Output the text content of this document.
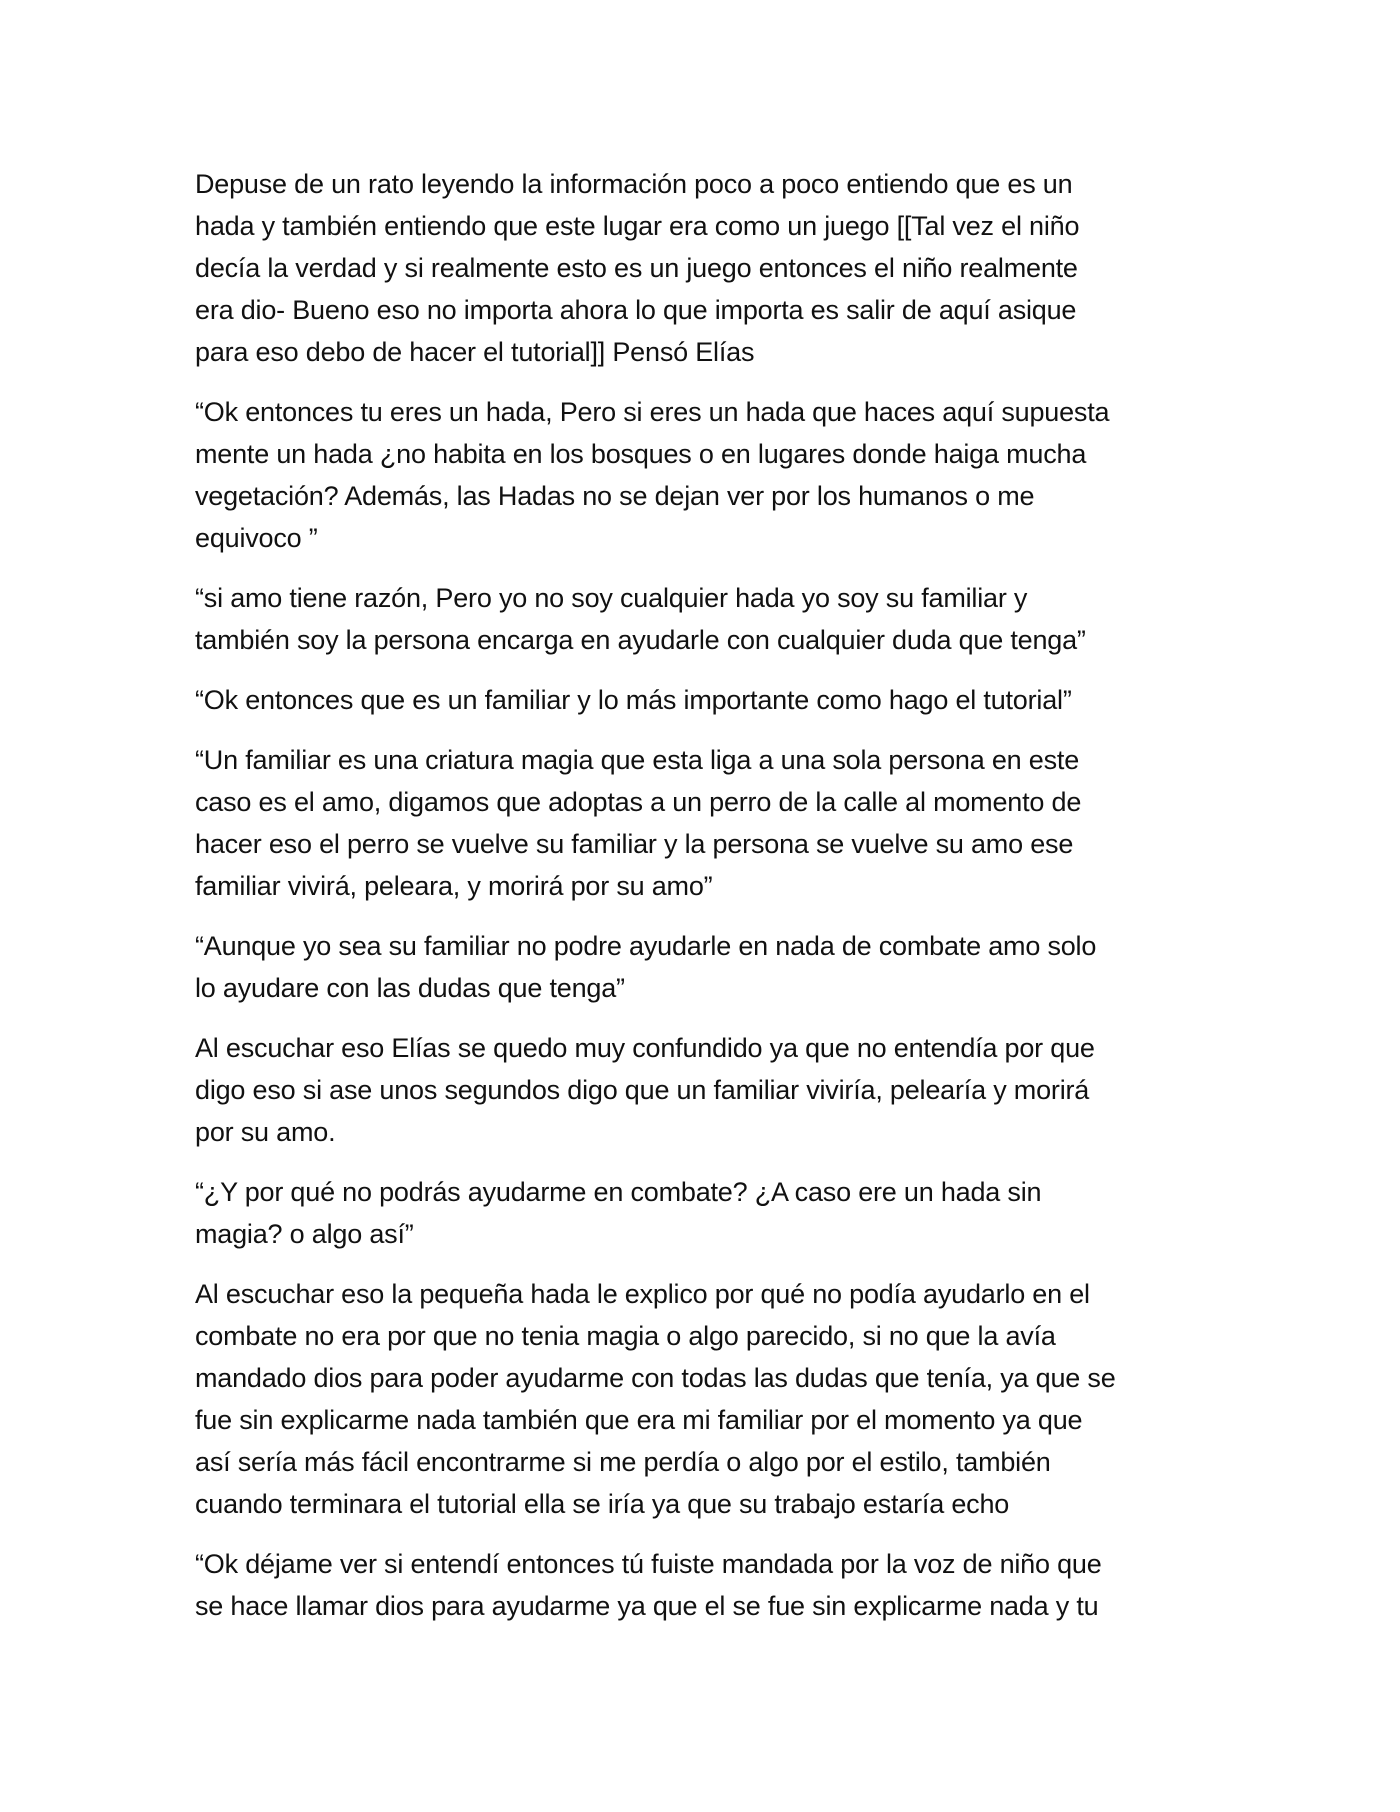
Depuse de un rato leyendo la información poco a poco entiendo que es un
hada y también entiendo que este lugar era como un juego [[Tal vez el niño
decía la verdad y si realmente esto es un juego entonces el niño realmente
era dio- Bueno eso no importa ahora lo que importa es salir de aquí asique
para eso debo de hacer el tutorial]] Pensó Elías

“Ok entonces tu eres un hada, Pero si eres un hada que haces aquí supuesta
mente un hada ¿no habita en los bosques o en lugares donde haiga mucha
vegetación? Además, las Hadas no se dejan ver por los humanos o me
equivoco ”

“si amo tiene razón, Pero yo no soy cualquier hada yo soy su familiar y
también soy la persona encarga en ayudarle con cualquier duda que tenga”

“Ok entonces que es un familiar y lo más importante como hago el tutorial”

“Un familiar es una criatura magia que esta liga a una sola persona en este
caso es el amo, digamos que adoptas a un perro de la calle al momento de
hacer eso el perro se vuelve su familiar y la persona se vuelve su amo ese
familiar vivirá, peleara, y morirá por su amo”

“Aunque yo sea su familiar no podre ayudarle en nada de combate amo solo
lo ayudare con las dudas que tenga”

Al escuchar eso Elías se quedo muy confundido ya que no entendía por que
digo eso si ase unos segundos digo que un familiar viviría, pelearía y morirá
por su amo.

“¿Y por qué no podrás ayudarme en combate? ¿A caso ere un hada sin
magia? o algo así”

Al escuchar eso la pequeña hada le explico por qué no podía ayudarlo en el
combate no era por que no tenia magia o algo parecido, si no que la avía
mandado dios para poder ayudarme con todas las dudas que tenía, ya que se
fue sin explicarme nada también que era mi familiar por el momento ya que
así sería más fácil encontrarme si me perdía o algo por el estilo, también
cuando terminara el tutorial ella se iría ya que su trabajo estaría echo

“Ok déjame ver si entendí entonces tú fuiste mandada por la voz de niño que
se hace llamar dios para ayudarme ya que el se fue sin explicarme nada y tu
